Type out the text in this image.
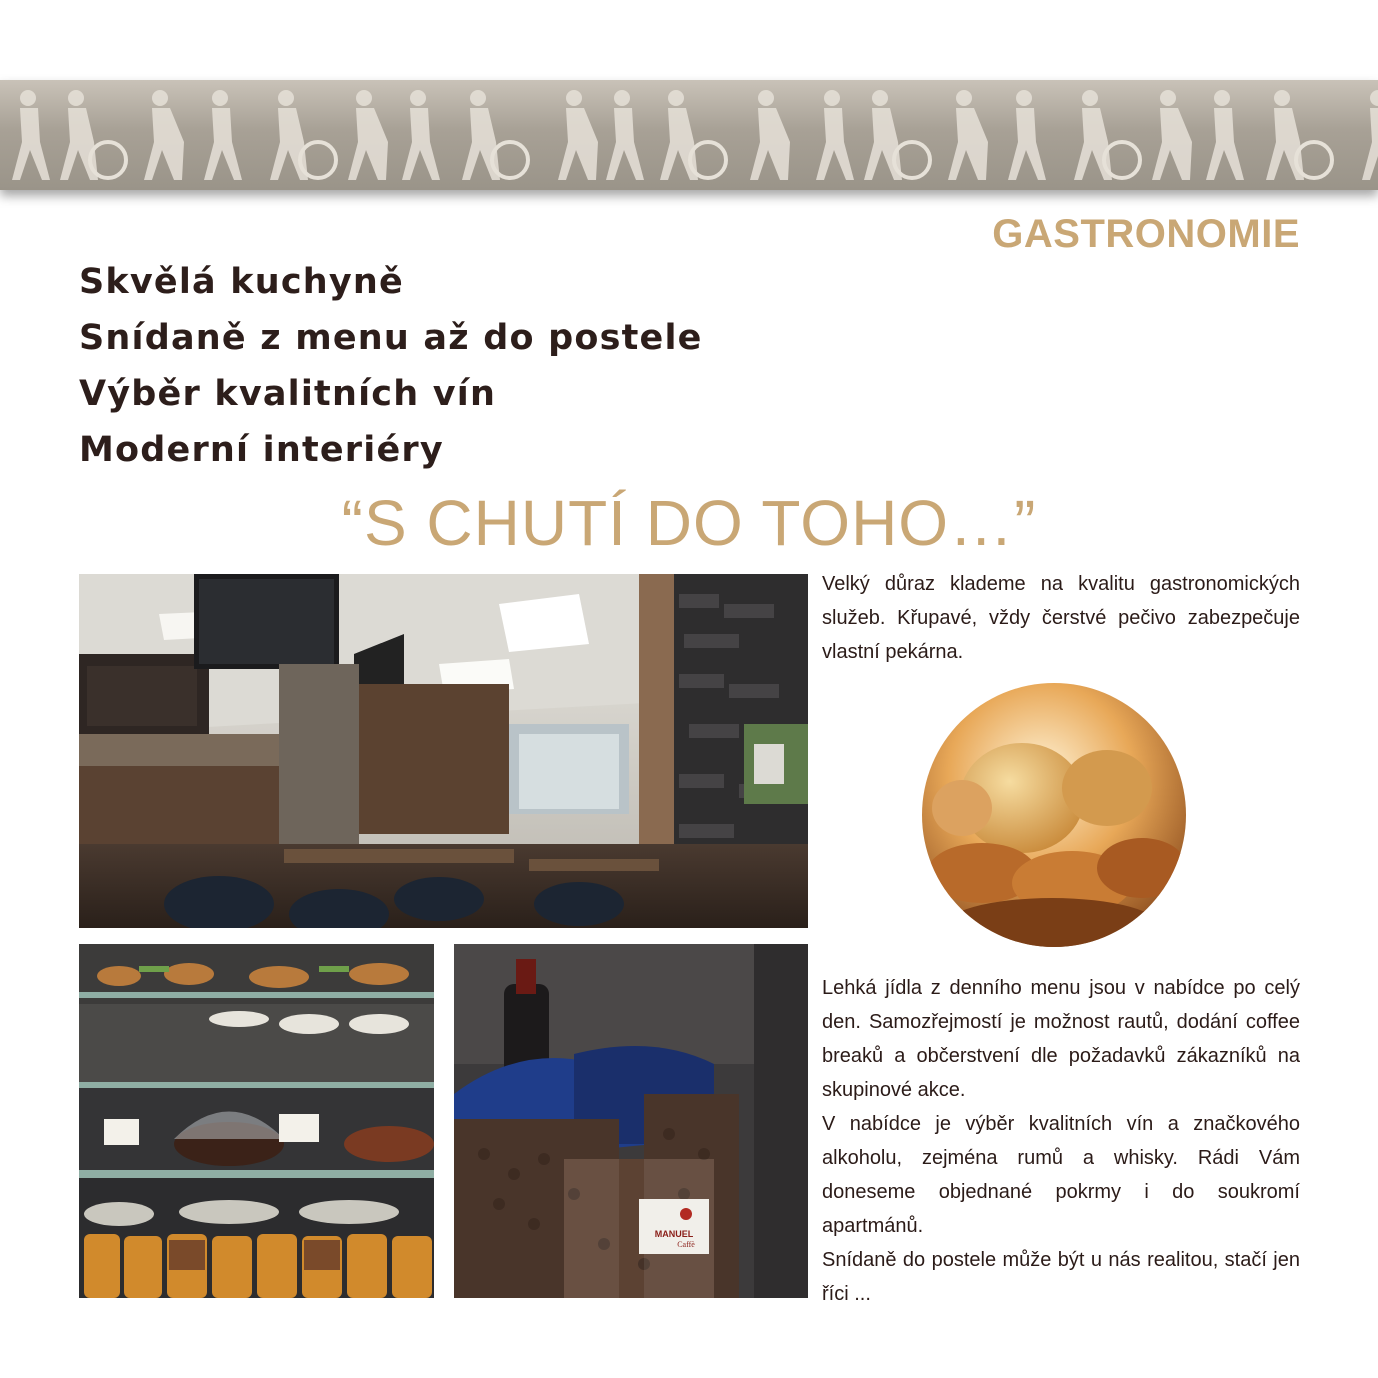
GASTRONOMIE
Skvělá kuchyně
Snídaně z menu až do postele
Výběr kvalitních vín
Moderní interiéry
“S CHUTÍ DO TOHO…”
MANUEL
Caffè

Velký důraz klademe na kvalitu gastronomických služeb. Křupavé, vždy čerstvé pečivo zabezpečuje vlastní pekárna.

Lehká jídla z denního menu jsou v nabídce po celý den. Samozřejmostí je možnost rautů, dodání coffee breaků a občerstvení dle požadavků zákazníků na skupinové akce.

V nabídce je výběr kvalitních vín a značkového alkoholu, zejména rumů a whisky. Rádi Vám doneseme objednané pokrmy i do soukromí apartmánů.

Snídaně do postele může být u nás realitou, stačí jen říci ...
